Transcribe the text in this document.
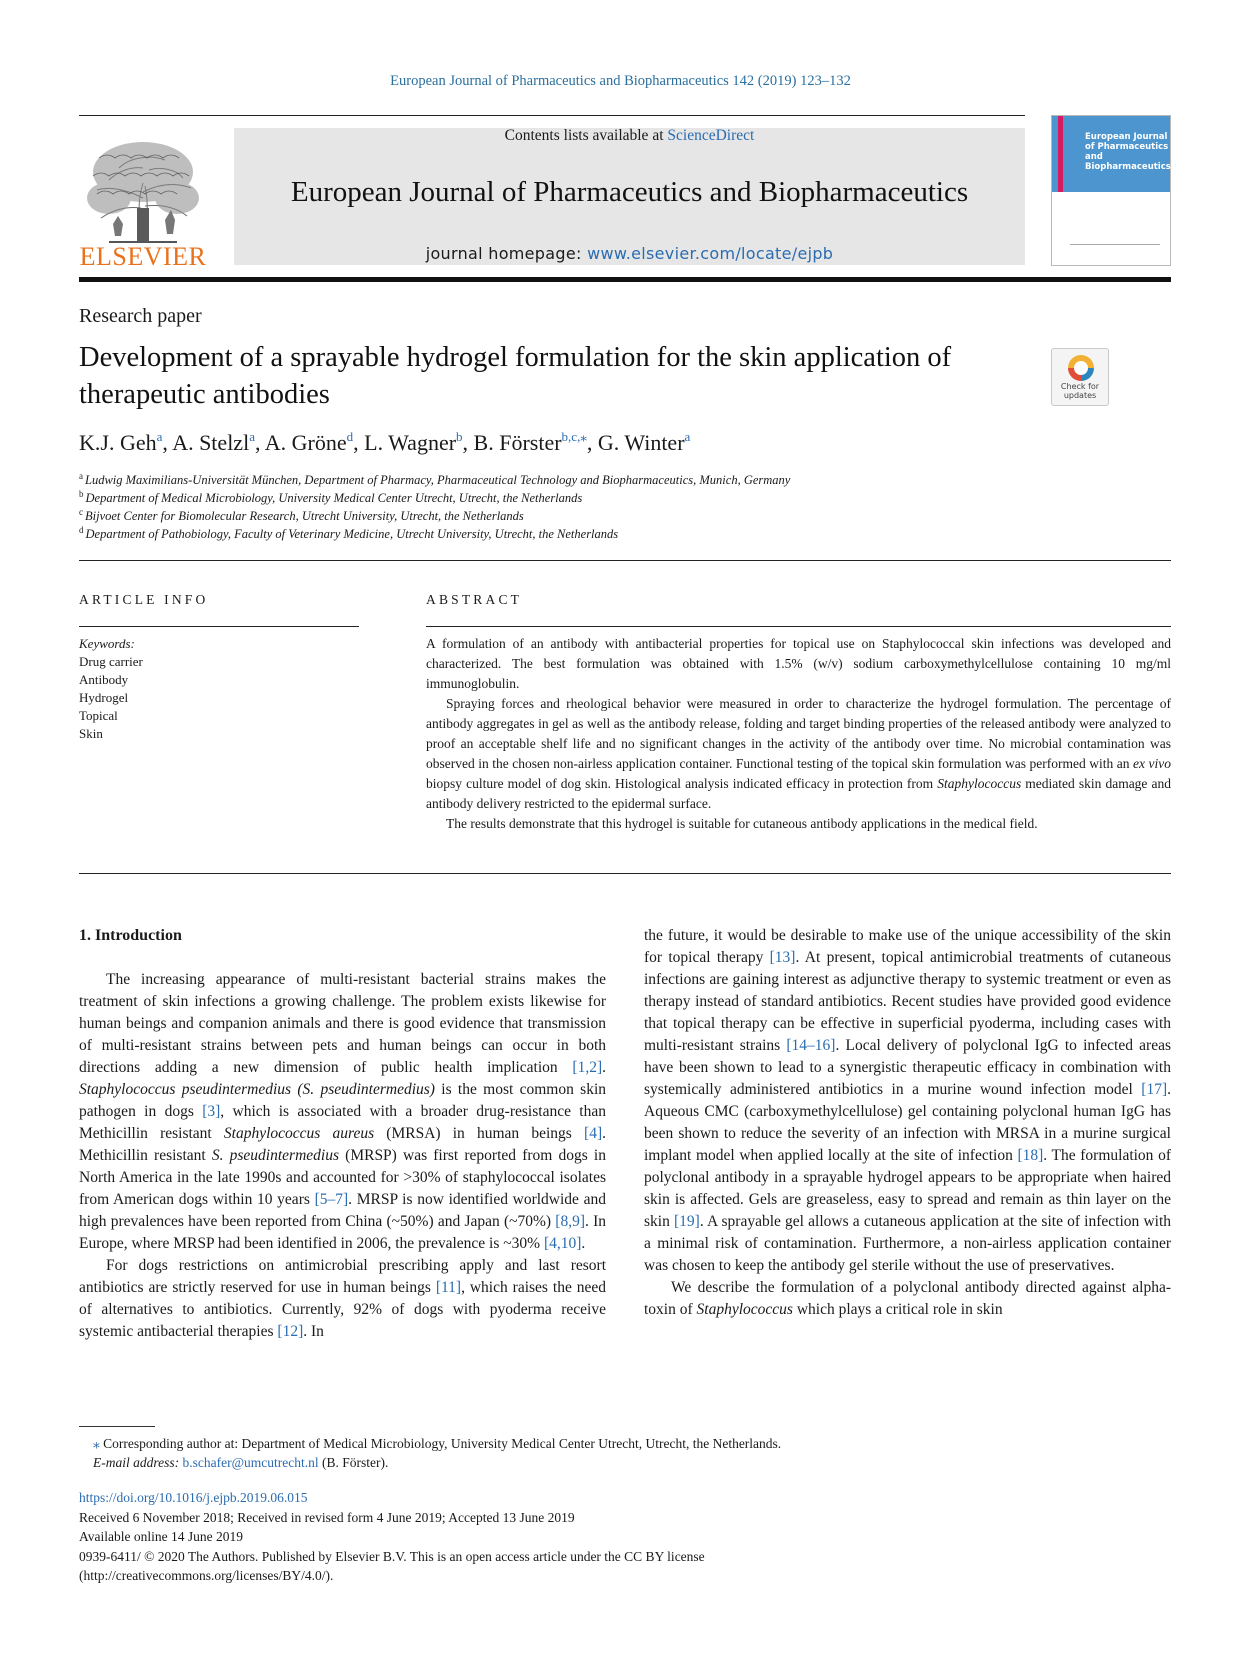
European Journal of Pharmaceutics and Biopharmaceutics 142 (2019) 123–132
ELSEVIER
Contents lists available at ScienceDirect
European Journal of Pharmaceutics and Biopharmaceutics
journal homepage: www.elsevier.com/locate/ejpb
European Journal of Pharmaceutics and Biopharmaceutics
Research paper
Development of a sprayable hydrogel formulation for the skin application of therapeutic antibodies	Check for updates
K.J. Geh$^a$, A. Stelzl$^a$, A. Gröne$^d$, L. Wagner$^b$, B. Förster$^{b,c,⁎}$, G. Winter$^a$
$^a$ Ludwig Maximilians-Universität München, Department of Pharmacy, Pharmaceutical Technology and Biopharmaceutics, Munich, Germany
$^b$ Department of Medical Microbiology, University Medical Center Utrecht, Utrecht, the Netherlands
$^c$ Bijvoet Center for Biomolecular Research, Utrecht University, Utrecht, the Netherlands
$^d$ Department of Pathobiology, Faculty of Veterinary Medicine, Utrecht University, Utrecht, the Netherlands
ARTICLE INFO	ABSTRACT
Keywords:
Drug carrier
Antibody
Hydrogel
Topical
Skin

A formulation of an antibody with antibacterial properties for topical use on Staphylococcal skin infections was developed and characterized. The best formulation was obtained with 1.5% (w/v) sodium carboxymethylcellulose containing 10 mg/ml immunoglobulin.

Spraying forces and rheological behavior were measured in order to characterize the hydrogel formulation. The percentage of antibody aggregates in gel as well as the antibody release, folding and target binding properties of the released antibody were analyzed to proof an acceptable shelf life and no significant changes in the activity of the antibody over time. No microbial contamination was observed in the chosen non-airless application container. Functional testing of the topical skin formulation was performed with an ex vivo biopsy culture model of dog skin. Histological analysis indicated efficacy in protection from Staphylococcus mediated skin damage and antibody delivery restricted to the epidermal surface.

The results demonstrate that this hydrogel is suitable for cutaneous antibody applications in the medical field.

1. Introduction

The increasing appearance of multi-resistant bacterial strains makes the treatment of skin infections a growing challenge. The problem exists likewise for human beings and companion animals and there is good evidence that transmission of multi-resistant strains between pets and human beings can occur in both directions adding a new dimension of public health implication [1,2]. Staphylococcus pseudintermedius (S. pseudintermedius) is the most common skin pathogen in dogs [3], which is associated with a broader drug-resistance than Methicillin resistant Staphylococcus aureus (MRSA) in human beings [4]. Methicillin resistant S. pseudintermedius (MRSP) was first reported from dogs in North America in the late 1990s and accounted for >30% of staphylococcal isolates from American dogs within 10 years [5–7]. MRSP is now identified worldwide and high prevalences have been reported from China (~50%) and Japan (~70%) [8,9]. In Europe, where MRSP had been identified in 2006, the prevalence is ~30% [4,10].

For dogs restrictions on antimicrobial prescribing apply and last resort antibiotics are strictly reserved for use in human beings [11], which raises the need of alternatives to antibiotics. Currently, 92% of dogs with pyoderma receive systemic antibacterial therapies [12]. In

the future, it would be desirable to make use of the unique accessibility of the skin for topical therapy [13]. At present, topical antimicrobial treatments of cutaneous infections are gaining interest as adjunctive therapy to systemic treatment or even as therapy instead of standard antibiotics. Recent studies have provided good evidence that topical therapy can be effective in superficial pyoderma, including cases with multi-resistant strains [14–16]. Local delivery of polyclonal IgG to infected areas have been shown to lead to a synergistic therapeutic efficacy in combination with systemically administered antibiotics in a murine wound infection model [17]. Aqueous CMC (carboxymethylcellulose) gel containing polyclonal human IgG has been shown to reduce the severity of an infection with MRSA in a murine surgical implant model when applied locally at the site of infection [18]. The formulation of polyclonal antibody in a sprayable hydrogel appears to be appropriate when haired skin is affected. Gels are greaseless, easy to spread and remain as thin layer on the skin [19]. A sprayable gel allows a cutaneous application at the site of infection with a minimal risk of contamination. Furthermore, a non-airless application container was chosen to keep the antibody gel sterile without the use of preservatives.

We describe the formulation of a polyclonal antibody directed against alpha-toxin of Staphylococcus which plays a critical role in skin

⁎ Corresponding author at: Department of Medical Microbiology, University Medical Center Utrecht, Utrecht, the Netherlands.
E-mail address: b.schafer@umcutrecht.nl (B. Förster).
https://doi.org/10.1016/j.ejpb.2019.06.015
Received 6 November 2018; Received in revised form 4 June 2019; Accepted 13 June 2019
Available online 14 June 2019
0939-6411/ © 2020 The Authors. Published by Elsevier B.V. This is an open access article under the CC BY license
(http://creativecommons.org/licenses/BY/4.0/).
